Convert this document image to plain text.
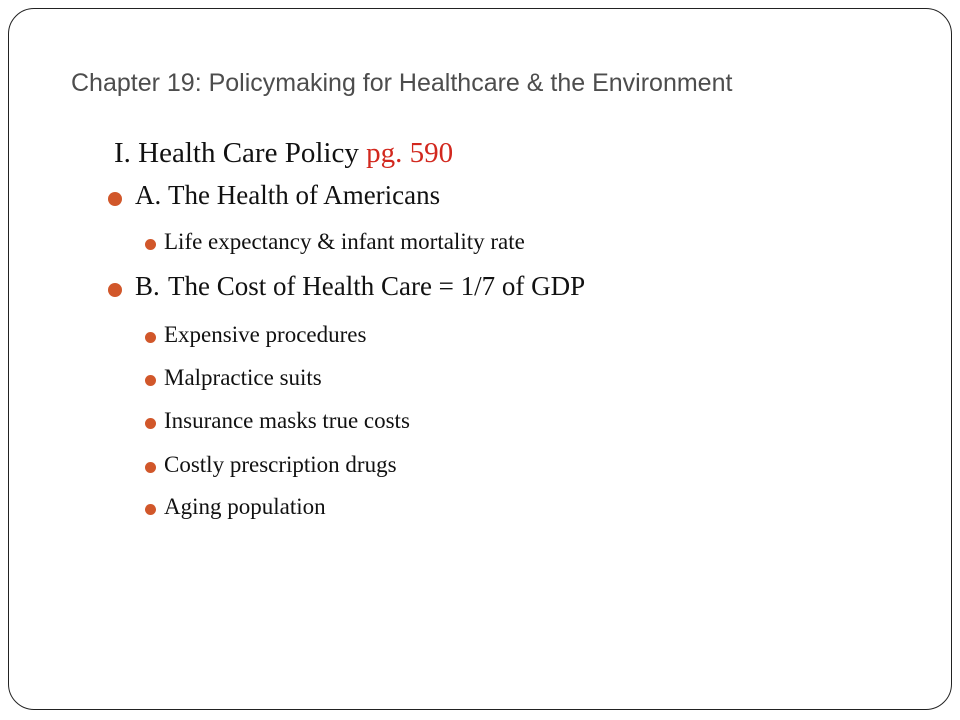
Chapter 19: Policymaking for Healthcare & the Environment
I. Health Care Policy pg. 590
A. The Health of Americans
Life expectancy & infant mortality rate
B. The Cost of Health Care = 1/7 of GDP
Expensive procedures
Malpractice suits
Insurance masks true costs
Costly prescription drugs
Aging population
